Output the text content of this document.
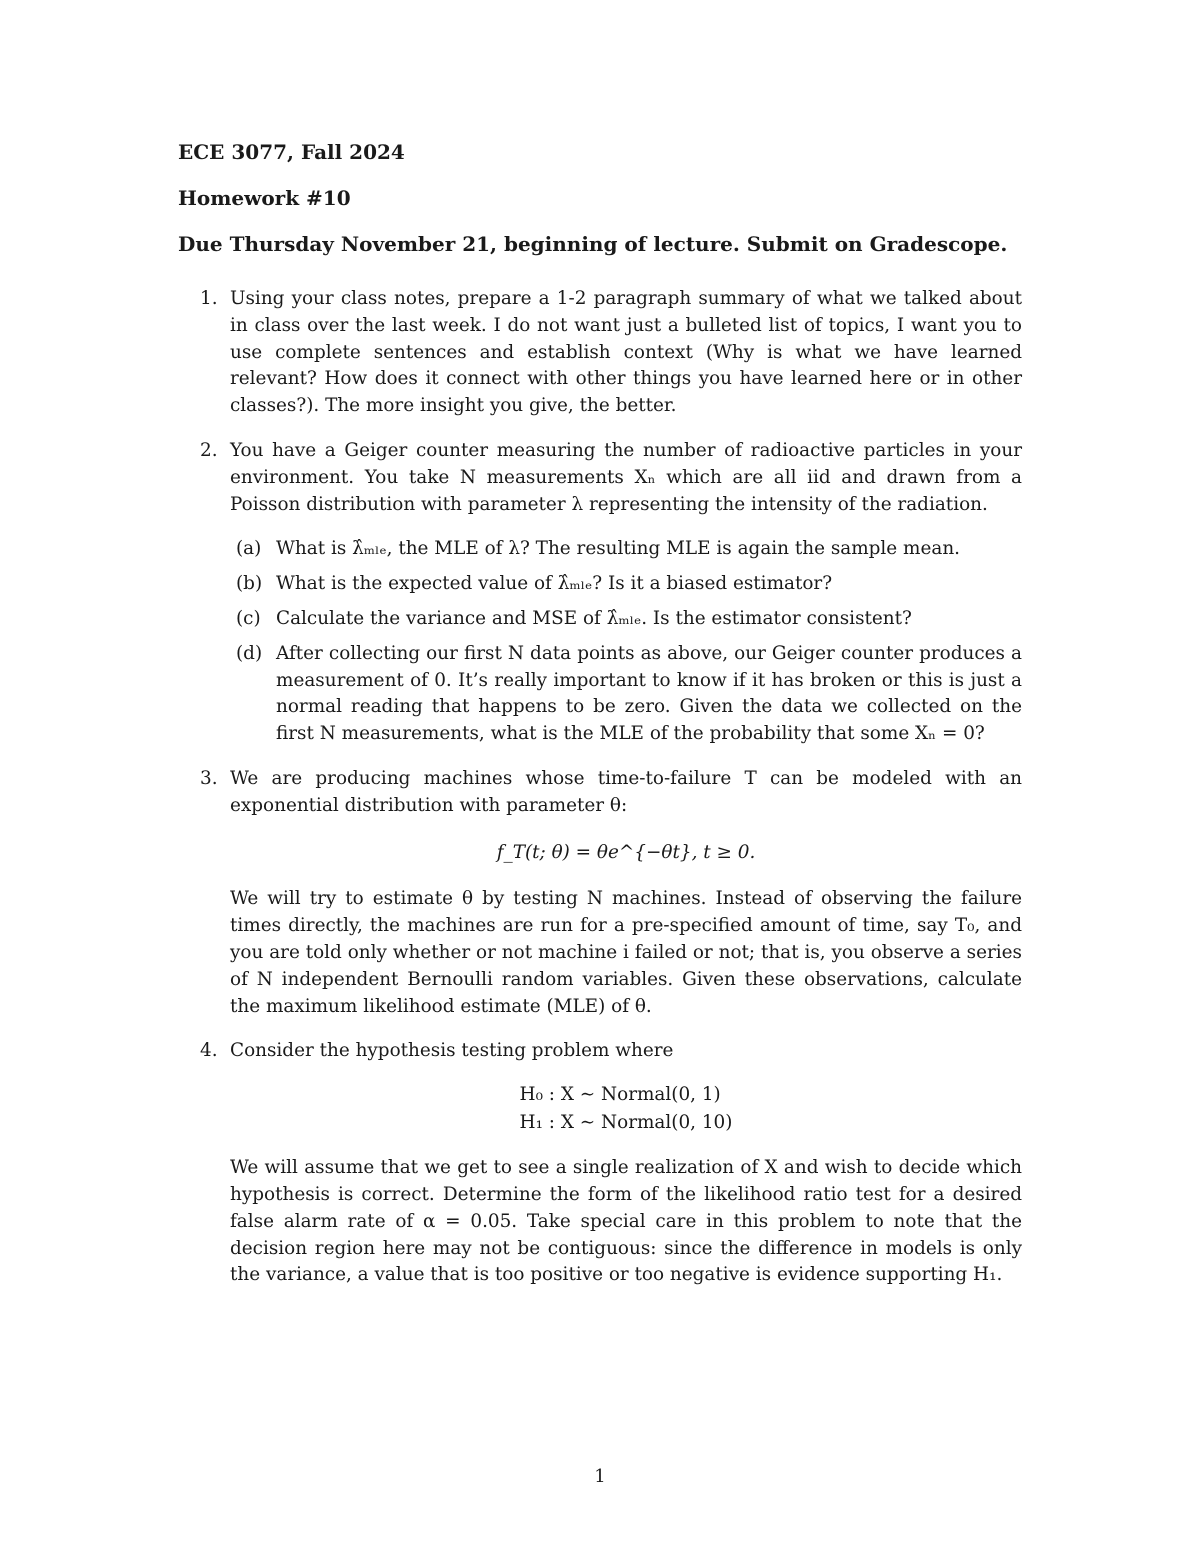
ECE 3077, Fall 2024
Homework #10
Due Thursday November 21, beginning of lecture. Submit on Gradescope.
1. Using your class notes, prepare a 1-2 paragraph summary of what we talked about in class over the last week. I do not want just a bulleted list of topics, I want you to use complete sentences and establish context (Why is what we have learned relevant? How does it connect with other things you have learned here or in other classes?). The more insight you give, the better.

2. You have a Geiger counter measuring the number of radioactive particles in your environment. You take N measurements Xₙ which are all iid and drawn from a Poisson distribution with parameter λ representing the intensity of the radiation.

(a) What is λ̂ₘₗₑ, the MLE of λ? The resulting MLE is again the sample mean.
(b) What is the expected value of λ̂ₘₗₑ? Is it a biased estimator?
(c) Calculate the variance and MSE of λ̂ₘₗₑ. Is the estimator consistent?
(d) After collecting our first N data points as above, our Geiger counter produces a measurement of 0. It’s really important to know if it has broken or this is just a normal reading that happens to be zero. Given the data we collected on the first N measurements, what is the MLE of the probability that some Xₙ = 0?
3. We are producing machines whose time-to-failure T can be modeled with an exponential distribution with parameter θ:

f_T(t; θ) = θe^{−θt}, t ≥ 0.

We will try to estimate θ by testing N machines. Instead of observing the failure times directly, the machines are run for a pre-specified amount of time, say T₀, and you are told only whether or not machine i failed or not; that is, you observe a series of N independent Bernoulli random variables. Given these observations, calculate the maximum likelihood estimate (MLE) of θ.

4. Consider the hypothesis testing problem where

H₀ : X ∼ Normal(0, 1)
H₁ : X ∼ Normal(0, 10)

We will assume that we get to see a single realization of X and wish to decide which hypothesis is correct. Determine the form of the likelihood ratio test for a desired false alarm rate of α = 0.05. Take special care in this problem to note that the decision region here may not be contiguous: since the difference in models is only the variance, a value that is too positive or too negative is evidence supporting H₁.

1
